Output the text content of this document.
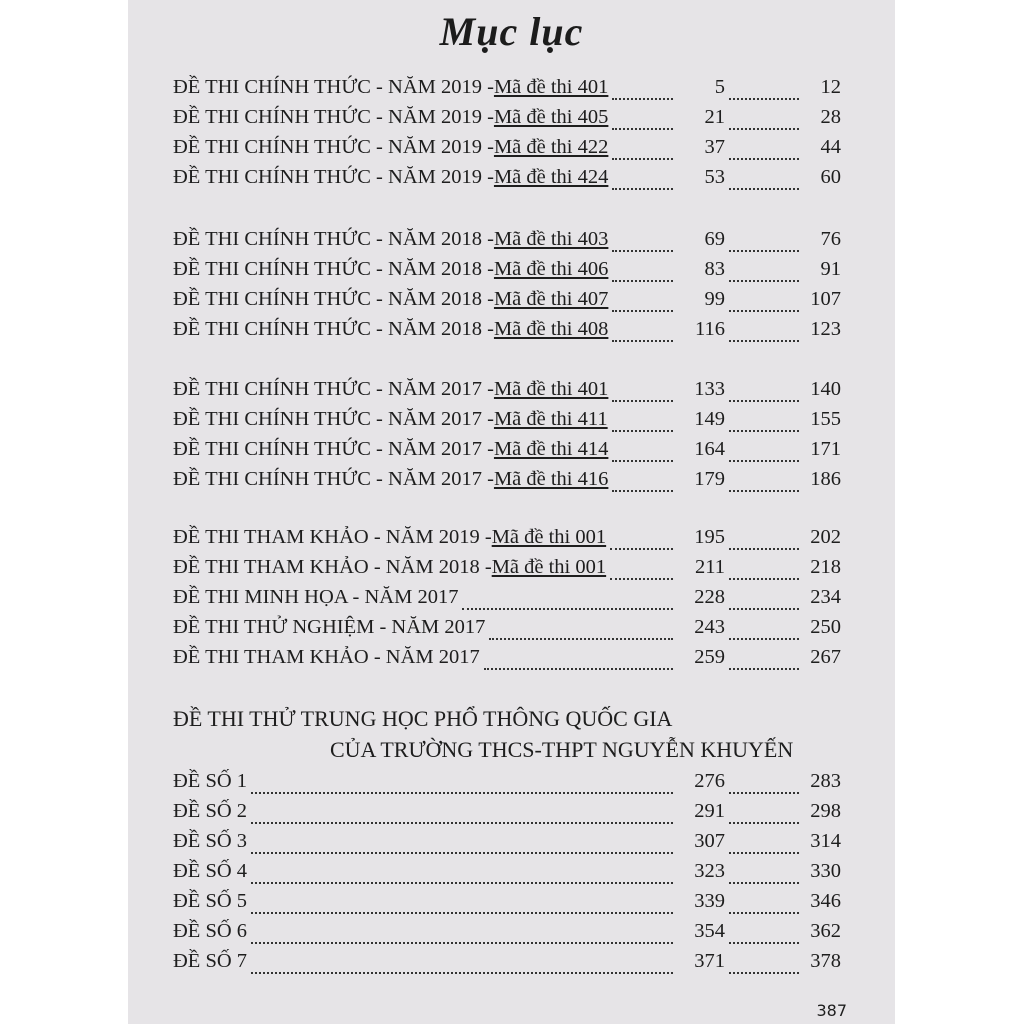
Mục lục
ĐỀ THI CHÍNH THỨC - NĂM 2019 - Mã đề thi 401	5	12
ĐỀ THI CHÍNH THỨC - NĂM 2019 - Mã đề thi 405	21	28
ĐỀ THI CHÍNH THỨC - NĂM 2019 - Mã đề thi 422	37	44
ĐỀ THI CHÍNH THỨC - NĂM 2019 - Mã đề thi 424	53	60
ĐỀ THI CHÍNH THỨC - NĂM 2018 - Mã đề thi 403	69	76
ĐỀ THI CHÍNH THỨC - NĂM 2018 - Mã đề thi 406	83	91
ĐỀ THI CHÍNH THỨC - NĂM 2018 - Mã đề thi 407	99	107
ĐỀ THI CHÍNH THỨC - NĂM 2018 - Mã đề thi 408	116	123
ĐỀ THI CHÍNH THỨC - NĂM 2017 - Mã đề thi 401	133	140
ĐỀ THI CHÍNH THỨC - NĂM 2017 - Mã đề thi 411	149	155
ĐỀ THI CHÍNH THỨC - NĂM 2017 - Mã đề thi 414	164	171
ĐỀ THI CHÍNH THỨC - NĂM 2017 - Mã đề thi 416	179	186
ĐỀ THI THAM KHẢO - NĂM 2019 - Mã đề thi 001	195	202
ĐỀ THI THAM KHẢO - NĂM 2018 - Mã đề thi 001	211	218
ĐỀ THI MINH HỌA - NĂM 2017	228	234
ĐỀ THI THỬ NGHIỆM - NĂM 2017	243	250
ĐỀ THI THAM KHẢO - NĂM 2017	259	267
ĐỀ SỐ 1	276	283
ĐỀ SỐ 2	291	298
ĐỀ SỐ 3	307	314
ĐỀ SỐ 4	323	330
ĐỀ SỐ 5	339	346
ĐỀ SỐ 6	354	362
ĐỀ SỐ 7	371	378
ĐỀ THI THỬ TRUNG HỌC PHỔ THÔNG QUỐC GIA
CỦA TRƯỜNG THCS-THPT NGUYỄN KHUYẾN
387
